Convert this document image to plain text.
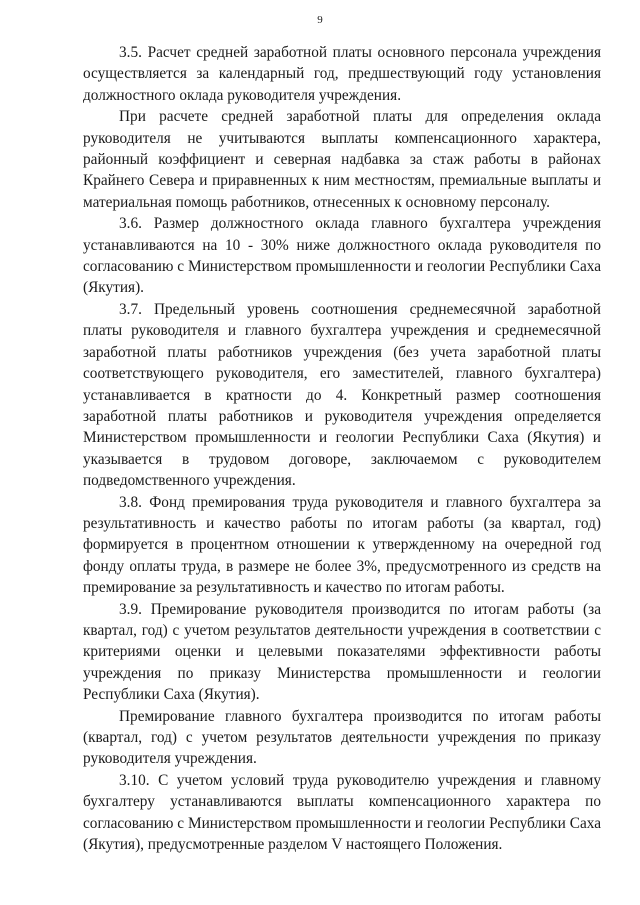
9

3.5. Расчет средней заработной платы основного персонала учреждения осуществляется за календарный год, предшествующий году установления должностного оклада руководителя учреждения.

При расчете средней заработной платы для определения оклада руководителя не учитываются выплаты компенсационного характера, районный коэффициент и северная надбавка за стаж работы в районах Крайнего Севера и приравненных к ним местностям, премиальные выплаты и материальная помощь работников, отнесенных к основному персоналу.

3.6. Размер должностного оклада главного бухгалтера учреждения устанавливаются на 10 - 30% ниже должностного оклада руководителя по согласованию с Министерством промышленности и геологии Республики Саха (Якутия).

3.7. Предельный уровень соотношения среднемесячной заработной платы руководителя и главного бухгалтера учреждения и среднемесячной заработной платы работников учреждения (без учета заработной платы соответствующего руководителя, его заместителей, главного бухгалтера) устанавливается в кратности до 4. Конкретный размер соотношения заработной платы работников и руководителя учреждения определяется Министерством промышленности и геологии Республики Саха (Якутия) и указывается в трудовом договоре, заключаемом с руководителем подведомственного учреждения.

3.8. Фонд премирования труда руководителя и главного бухгалтера за результативность и качество работы по итогам работы (за квартал, год) формируется в процентном отношении к утвержденному на очередной год фонду оплаты труда, в размере не более 3%, предусмотренного из средств на премирование за результативность и качество по итогам работы.

3.9. Премирование руководителя производится по итогам работы (за квартал, год) с учетом результатов деятельности учреждения в соответствии с критериями оценки и целевыми показателями эффективности работы учреждения по приказу Министерства промышленности и геологии Республики Саха (Якутия).

Премирование главного бухгалтера производится по итогам работы (квартал, год) с учетом результатов деятельности учреждения по приказу руководителя учреждения.

3.10. С учетом условий труда руководителю учреждения и главному бухгалтеру устанавливаются выплаты компенсационного характера по согласованию с Министерством промышленности и геологии Республики Саха (Якутия), предусмотренные разделом V настоящего Положения.
